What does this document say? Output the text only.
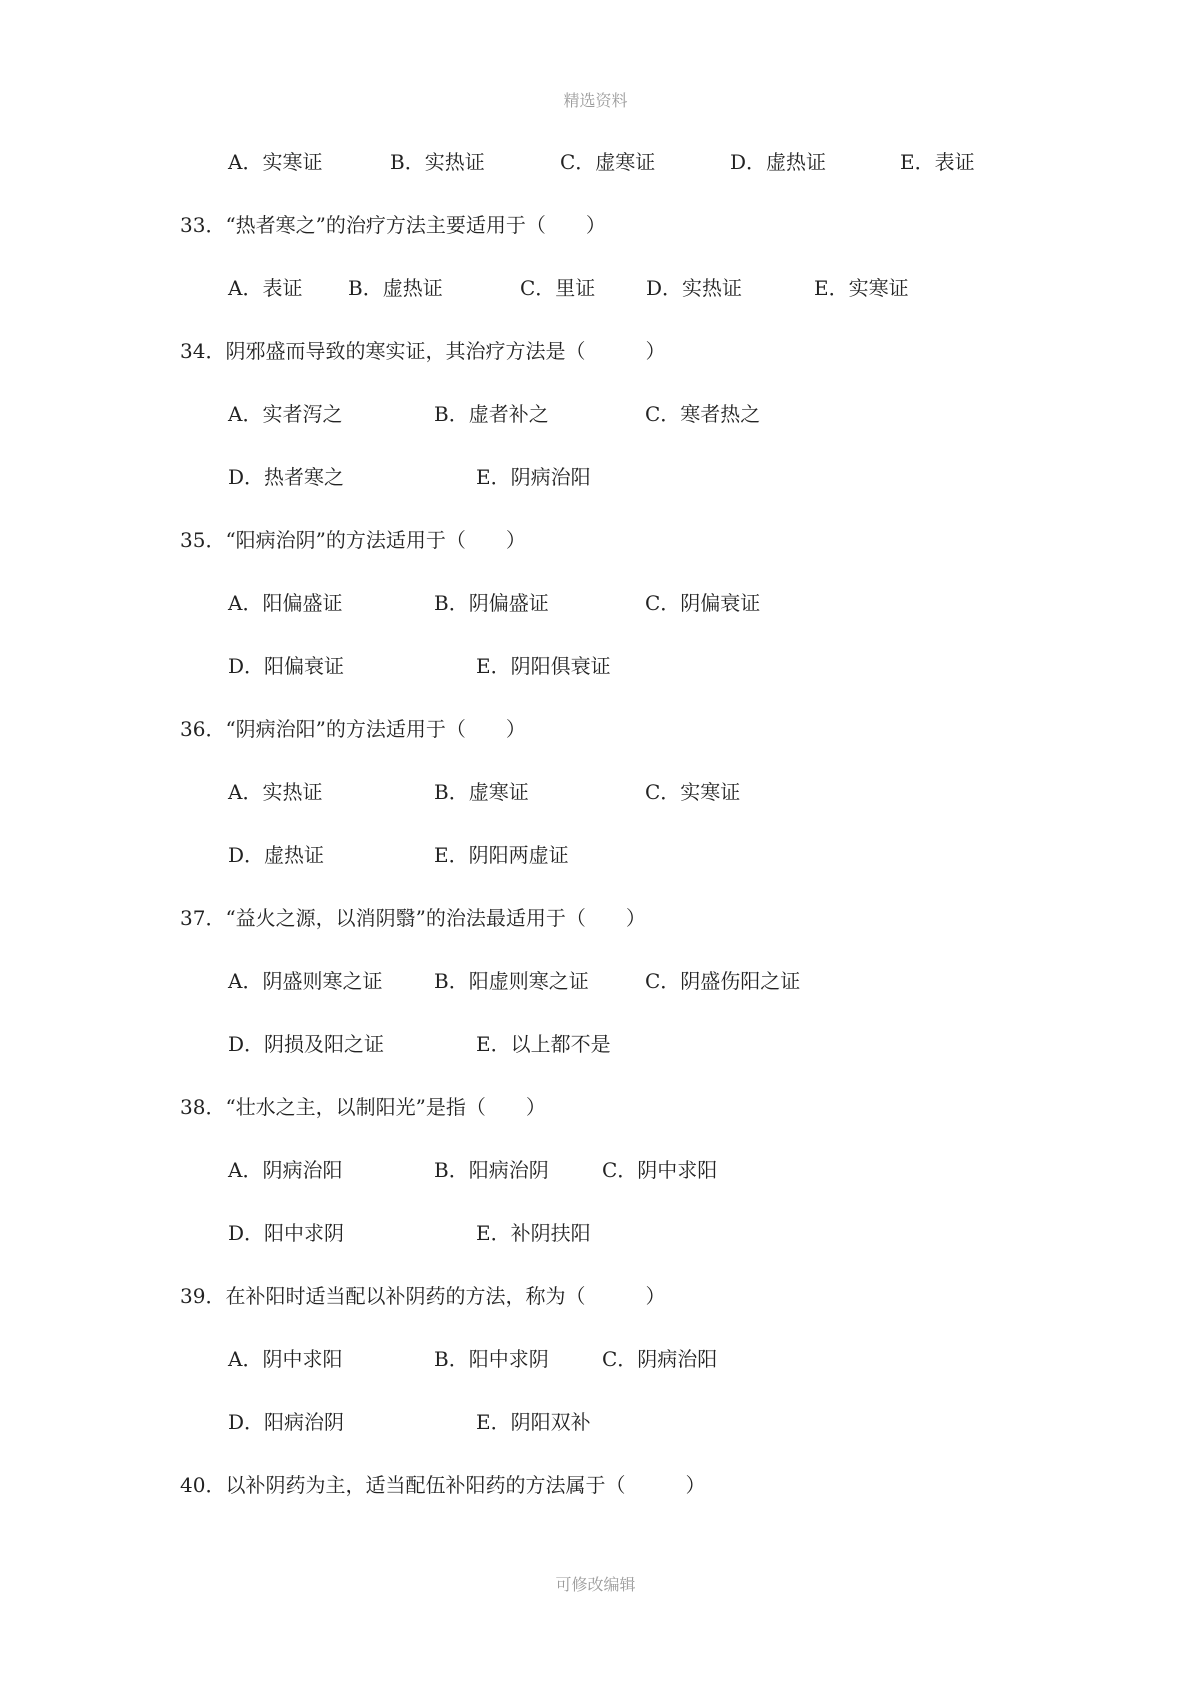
精选资料
A．实寒证	B．实热证	C．虚寒证	D．虚热证	E．表证
33．“热者寒之”的治疗方法主要适用于（　　）
A．表证 B．虚热证	C．里证	D．实热证	E．实寒证
34．阴邪盛而导致的寒实证，其治疗方法是（　　　）
A．实者泻之	B．虚者补之	C．寒者热之
D．热者寒之	E．阴病治阳
35．“阳病治阴”的方法适用于（　　）
A．阳偏盛证	B．阴偏盛证	C．阴偏衰证
D．阳偏衰证	E．阴阳俱衰证
36．“阴病治阳”的方法适用于（　　）
A．实热证	B．虚寒证	C．实寒证
D．虚热证	E．阴阳两虚证
37．“益火之源，以消阴翳”的治法最适用于（　　）
A．阴盛则寒之证	B．阳虚则寒之证	C．阴盛伤阳之证
D．阴损及阳之证	E．以上都不是
38．“壮水之主，以制阳光”是指（　　）
A．阴病治阳	B．阳病治阴	C．阴中求阳
D．阳中求阴	E．补阴扶阳
39．在补阳时适当配以补阴药的方法，称为（　　　）
A．阴中求阳	B．阳中求阴	C．阴病治阳
D．阳病治阴	E．阴阳双补
40．以补阴药为主，适当配伍补阳药的方法属于（　　　）
可修改编辑
